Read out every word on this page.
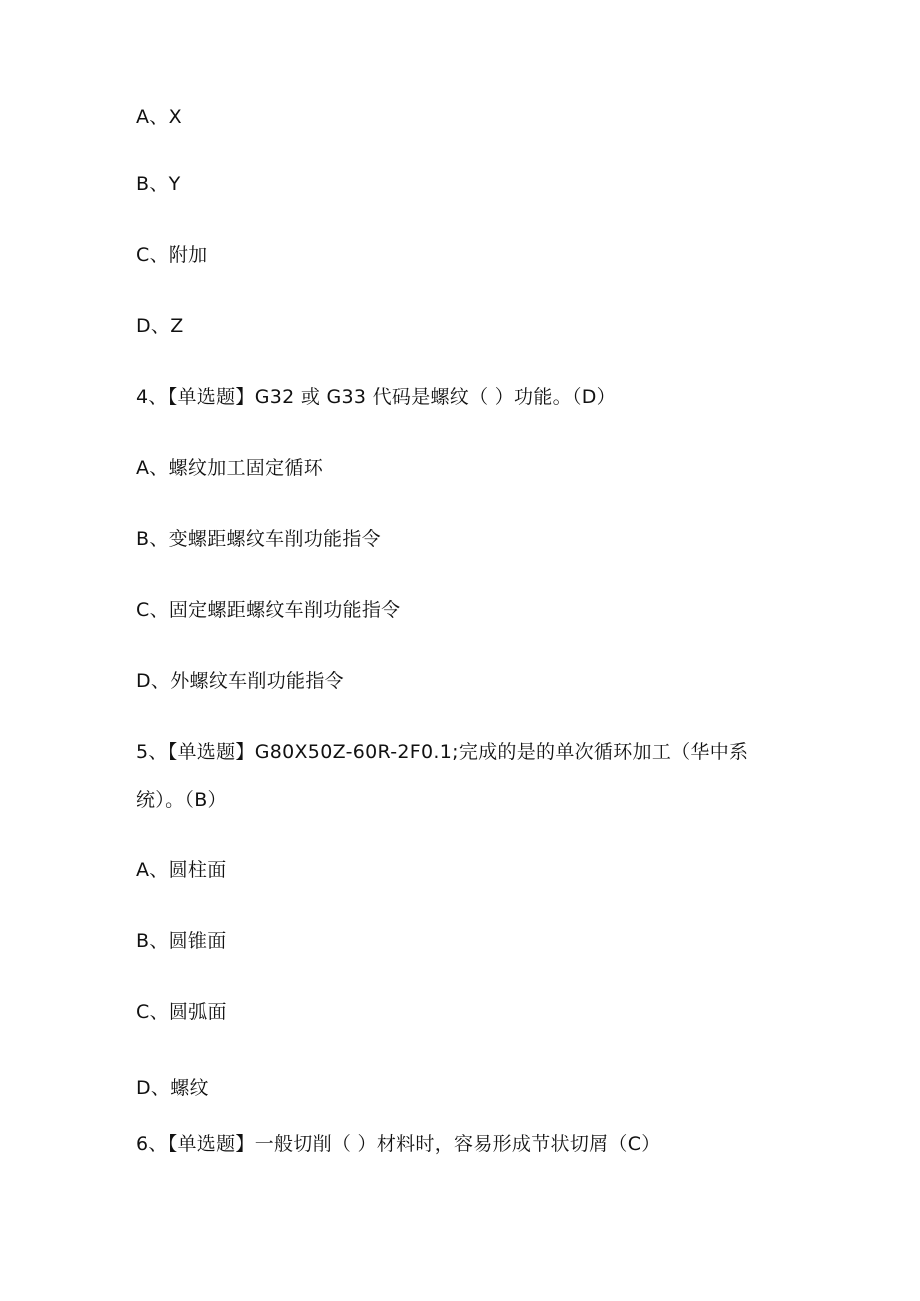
A、X
B、Y
C、附加
D、Z
4、【单选题】G32 或 G33 代码是螺纹（ ）功能。（D）
A、螺纹加工固定循环
B、变螺距螺纹车削功能指令
C、固定螺距螺纹车削功能指令
D、外螺纹车削功能指令
5、【单选题】G80X50Z-60R-2F0.1;完成的是的单次循环加工（华中系
统）。（B）
A、圆柱面
B、圆锥面
C、圆弧面
D、螺纹
6、【单选题】一般切削（ ）材料时，容易形成节状切屑（C）
